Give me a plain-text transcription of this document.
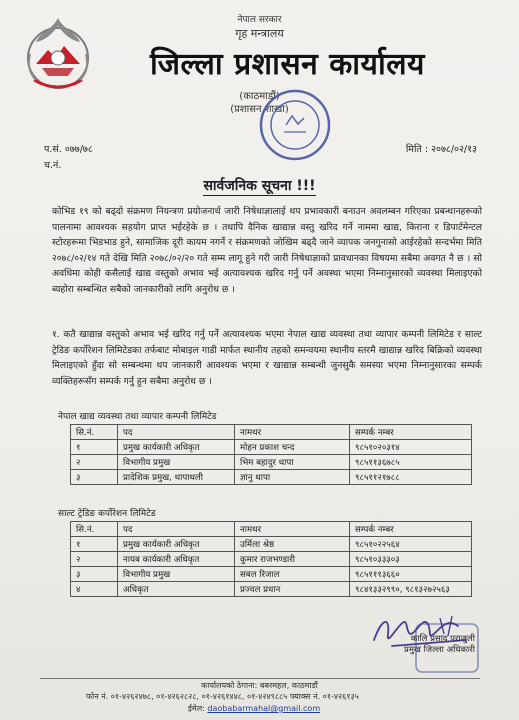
नेपाल सरकार
गृह मन्त्रालय
जिल्ला प्रशासन कार्यालय
(काठमाडौं)
(प्रशासन शाखा)
प.सं. ०७७/७८
च.नं.
मिति : २०७८/०२/१३
सार्वजनिक सूचना !!!
कोभिड १९ को बढ्दो संक्रमण नियन्त्रण प्रयोजनार्थ जारी निषेधाज्ञालाई थप प्रभावकारी बनाउन अवलम्बन गरिएका प्रबन्धानहरूको पालनामा आवश्यक सहयोग प्राप्त भईरहेके छ । तथापि दैनिक खाद्यान्न वस्तु खरिद गर्ने नाममा खाद्य, किराना र डिपार्टमेन्टल स्टोरहरूमा भिडभाड हुने, सामाजिक दूरी कायम नगर्ने र संक्रमणको जोखिम बढ्दै जाने व्यापक जनगुनासो आईरहेको सन्दर्भमा मिति २०७८/०२/१४ गते देखि मिति २०७८/०२/२० गते सम्म लागू हुने गरी जारी निषेधाज्ञाको प्रावधानका विषयमा सबैमा अवगत नै छ । सो अवधिमा कोही कसैलाई खाद्य वस्तुको अभाव भई अत्यावश्यक खरिद गर्नु पर्ने अवस्था भएमा निम्नानुसारको व्यवस्था मिलाइएको ब्यहोरा सम्बन्धित सबैको जानकारीको लागि अनुरोध छ ।
१. कतै खाद्यान्न वस्तुको अभाव भई खरिद गर्नु पर्ने अत्यावश्यक भएमा नेपाल खाद्य व्यवस्था तथा व्यापार कम्पनी लिमिटेड र साल्ट ट्रेडिङ कर्पोरेशन लिमिटेडका तर्फबाट मोबाइल गाडी मार्फत स्थानीय तहको समन्वयमा स्थानीय स्तरमै खाद्यान्न खरिद बिक्रिको व्यवस्था मिलाइएको हुँदा सो सम्बन्धमा थप जानकारी आवश्यक भएमा र खाद्यान्न सम्बन्धी जुनसुकै समस्या भएमा निम्नानुसारका सम्पर्क व्यक्तिहरूसँग सम्पर्क गर्नु हुन सबैमा अनुरोध छ ।
नेपाल खाद्य व्यवस्था तथा व्यापार कम्पनी लिमिटेड
सि.नं.	पद	नामथर	सम्पर्क नम्बर
१	प्रमुख कार्यकारी अधिकृत	मोहन प्रकाश चन्द	९८५१०२०३१४
२	विभागीय प्रमुख	भिम बहादुर थापा	९८५११३६७८५
३	प्रादेशिक प्रमुख, थापाथली	ज्ञानु थापा	९८५११२१७८८
साल्ट ट्रेडिङ कर्पोरेशन लिमिटेड
सि.नं.	पद	नामथर	सम्पर्क नम्बर
१	प्रमुख कार्यकारी अधिकृत	उर्मिला श्रेष्ठ	९८५१०२२५६४
२	नायब कार्यकारी अधिकृत	कुमार राजभण्डारी	९८५१०३३३०३
३	विभागीय प्रमुख	सबल रिजाल	९८५१११३६६०
४	अधिकृत	प्रज्वल प्रधान	९८४१३३२९९०, ९८१३२७२५६३
कालि प्रसाद पराजुली
प्रमुख जिल्ला अधिकारी
कार्यालयको ठेगाना: बबरमहल, काठमाडौं
फोन नं. ०१-४२६२४७८, ०१-४२६२८२८, ०१-४२६१४४८, ०१-४२४९८८५ फ्याक्स नं. ०१-४२६१३५
ईमेल: daobabarmahal@gmail.com
